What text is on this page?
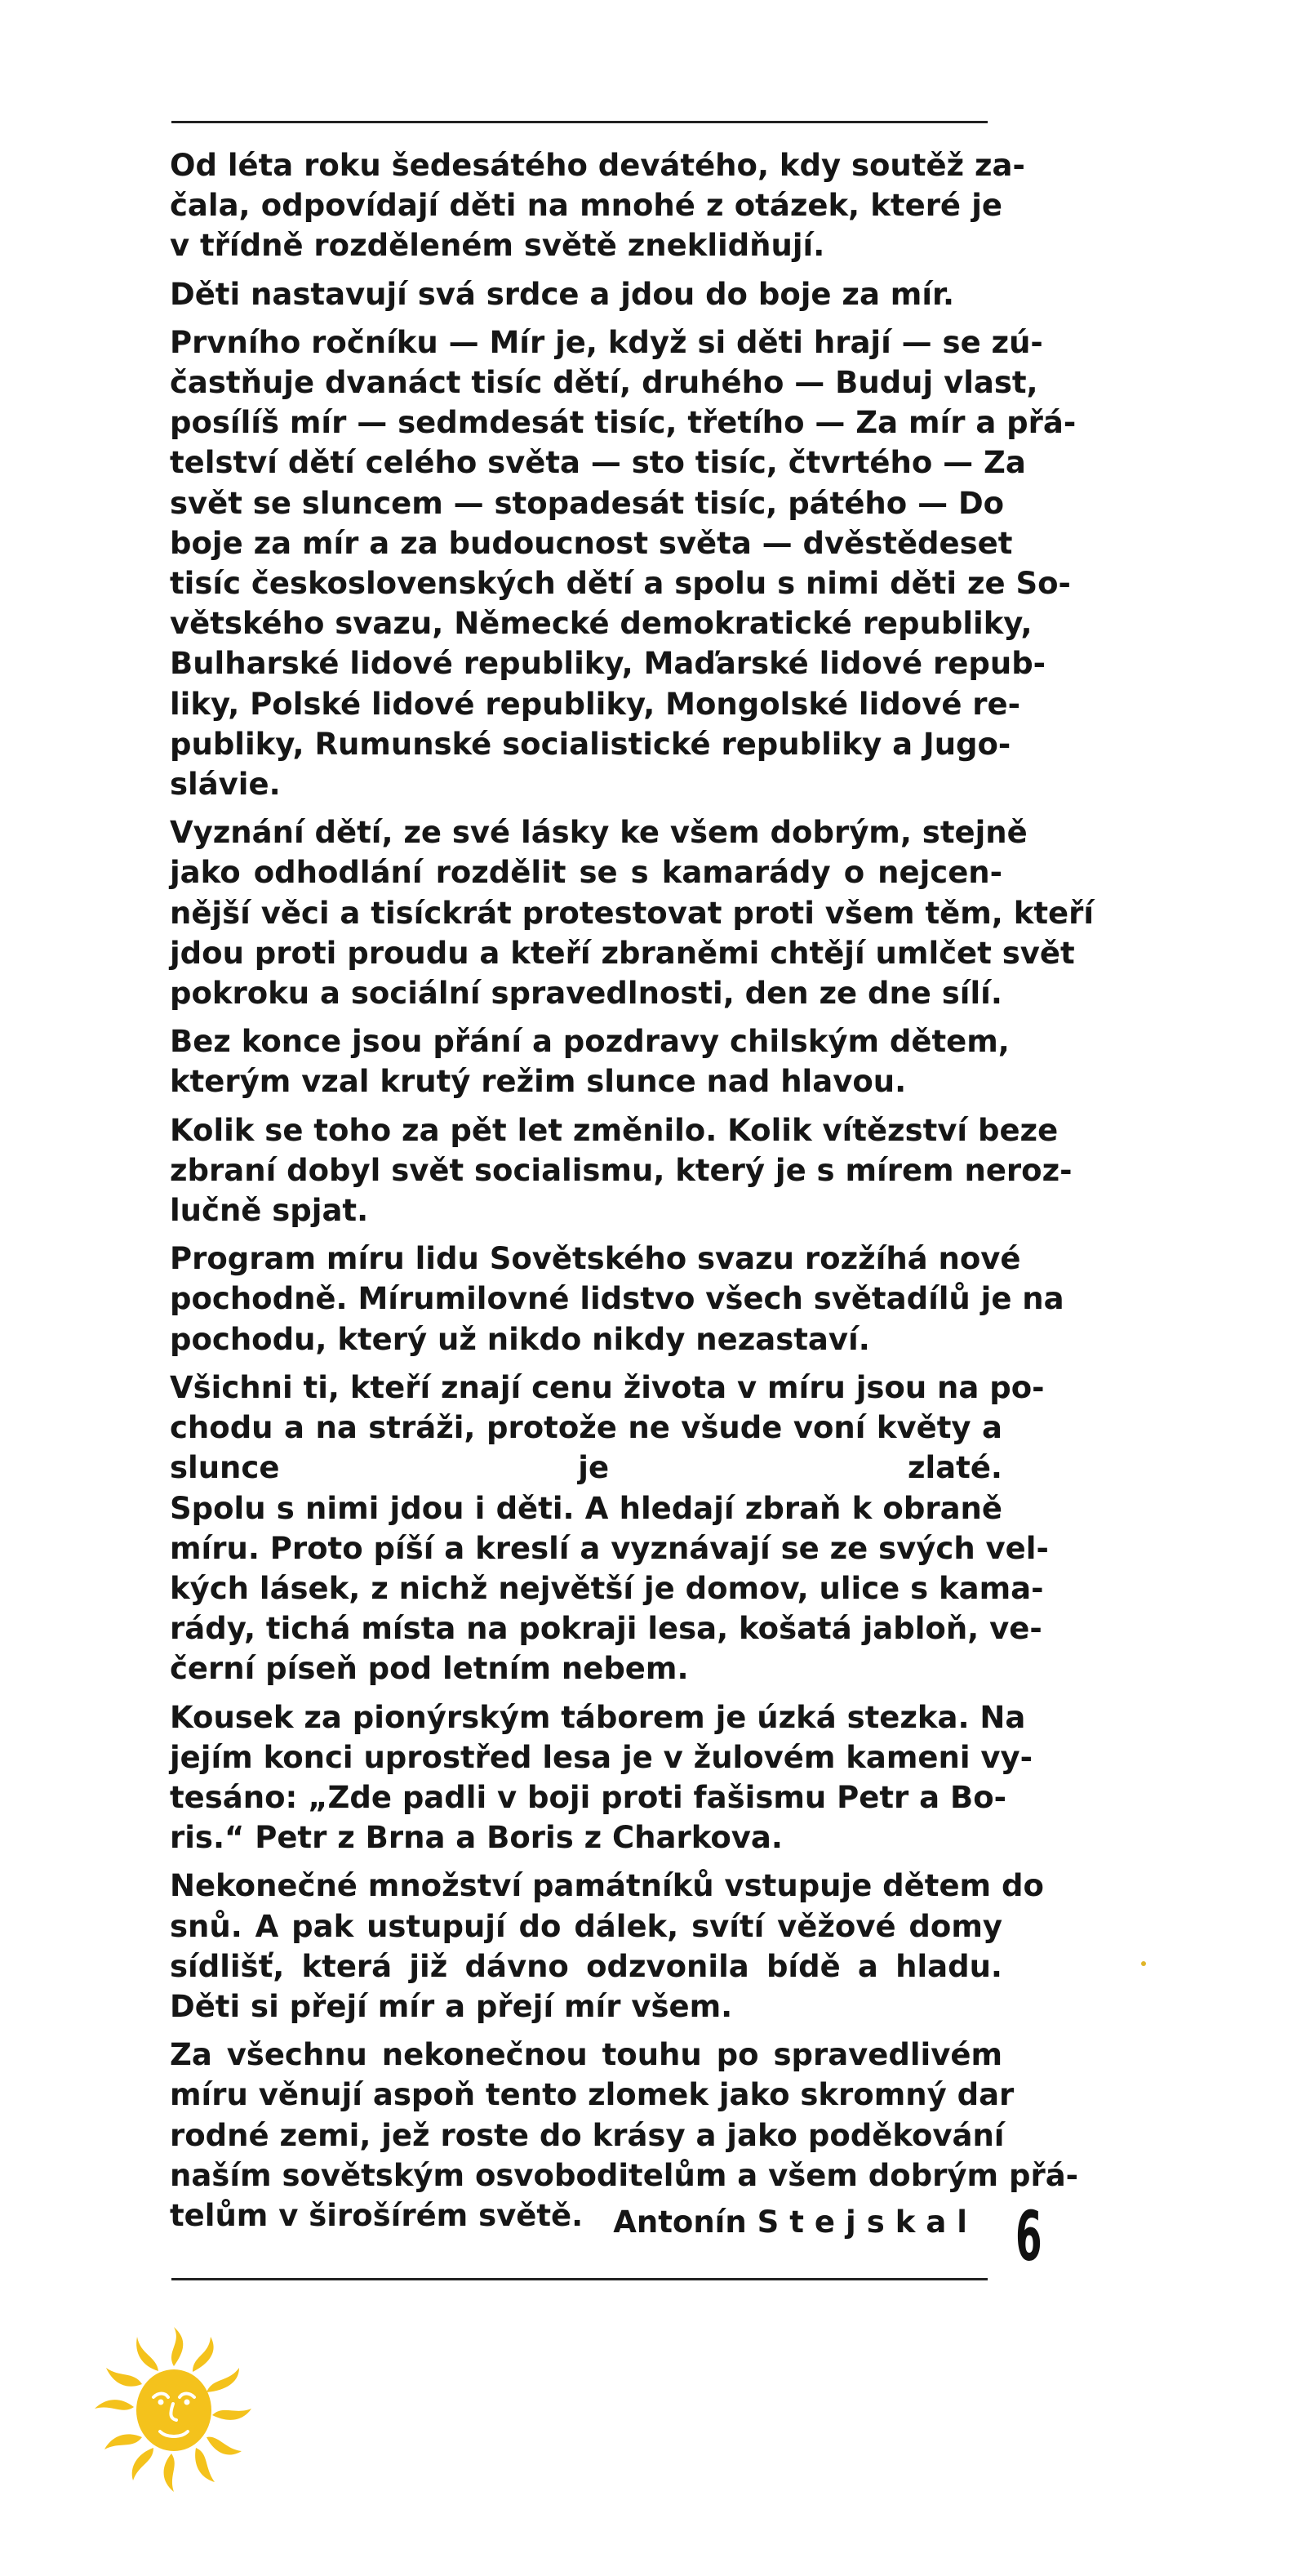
Od léta roku šedesátého devátého, kdy soutěž za-
čala, odpovídají děti na mnohé z otázek, které je
v třídně rozděleném světě zneklidňují.
Děti nastavují svá srdce a jdou do boje za mír.
Prvního ročníku — Mír je, když si děti hrají — se zú-
častňuje dvanáct tisíc dětí, druhého — Buduj vlast,
posílíš mír — sedmdesát tisíc, třetího — Za mír a přá-
telství dětí celého světa — sto tisíc, čtvrtého — Za
svět se sluncem — stopadesát tisíc, pátého — Do
boje za mír a za budoucnost světa — dvěstědeset
tisíc československých dětí a spolu s nimi děti ze So-
větského svazu, Německé demokratické republiky,
Bulharské lidové republiky, Maďarské lidové repub-
liky, Polské lidové republiky, Mongolské lidové re-
publiky, Rumunské socialistické republiky a Jugo-
slávie.
Vyznání dětí, ze své lásky ke všem dobrým, stejně
jako odhodlání rozdělit se s kamarády o nejcen-
nější věci a tisíckrát protestovat proti všem těm, kteří
jdou proti proudu a kteří zbraněmi chtějí umlčet svět
pokroku a sociální spravedlnosti, den ze dne sílí.
Bez konce jsou přání a pozdravy chilským dětem,
kterým vzal krutý režim slunce nad hlavou.
Kolik se toho za pět let změnilo. Kolik vítězství beze
zbraní dobyl svět socialismu, který je s mírem neroz-
lučně spjat.
Program míru lidu Sovětského svazu rozžíhá nové
pochodně. Mírumilovné lidstvo všech světadílů je na
pochodu, který už nikdo nikdy nezastaví.
Všichni ti, kteří znají cenu života v míru jsou na po-
chodu a na stráži, protože ne všude voní květy a
slunce je zlaté.
Spolu s nimi jdou i děti. A hledají zbraň k obraně
míru. Proto píší a kreslí a vyznávají se ze svých vel-
kých lásek, z nichž největší je domov, ulice s kama-
rády, tichá místa na pokraji lesa, košatá jabloň, ve-
černí píseň pod letním nebem.
Kousek za pionýrským táborem je úzká stezka. Na
jejím konci uprostřed lesa je v žulovém kameni vy-
tesáno: „Zde padli v boji proti fašismu Petr a Bo-
ris.“ Petr z Brna a Boris z Charkova.
Nekonečné množství památníků vstupuje dětem do
snů. A pak ustupují do dálek, svítí věžové domy
sídlišť, která již dávno odzvonila bídě a hladu.
Děti si přejí mír a přejí mír všem.
Za všechnu nekonečnou touhu po spravedlivém
míru věnují aspoň tento zlomek jako skromný dar
rodné zemi, jež roste do krásy a jako poděkování
naším sovětským osvoboditelům a všem dobrým přá-
telům v širošírém světě.	Antonín Stejskal 6
